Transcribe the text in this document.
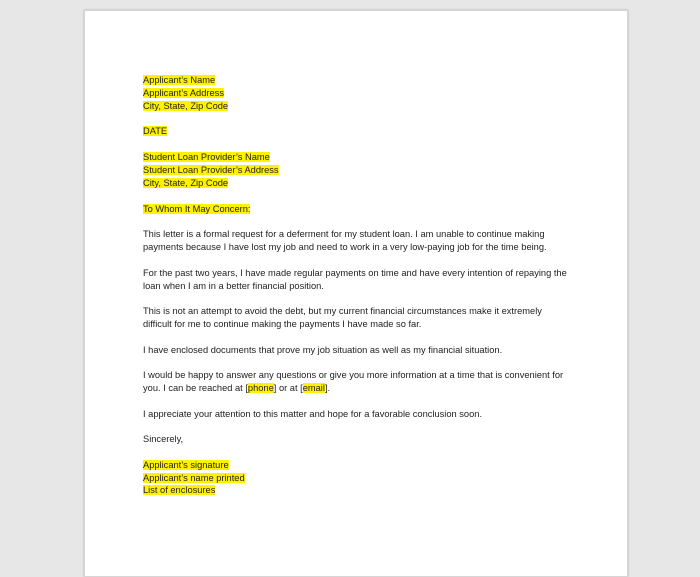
Applicant’s Name
Applicant’s Address
City, State, Zip Code
DATE
Student Loan Provider’s Name
Student Loan Provider’s Address
City, State, Zip Code
To Whom It May Concern:

This letter is a formal request for a deferment for my student loan. I am unable to continue making
payments because I have lost my job and need to work in a very low-paying job for the time being.

For the past two years, I have made regular payments on time and have every intention of repaying the
loan when I am in a better financial position.

This is not an attempt to avoid the debt, but my current financial circumstances make it extremely
difficult for me to continue making the payments I have made so far.

I have enclosed documents that prove my job situation as well as my financial situation.

I would be happy to answer any questions or give you more information at a time that is convenient for
you. I can be reached at [phone] or at [email].

I appreciate your attention to this matter and hope for a favorable conclusion soon.

Sincerely,

Applicant’s signature
Applicant’s name printed
List of enclosures
